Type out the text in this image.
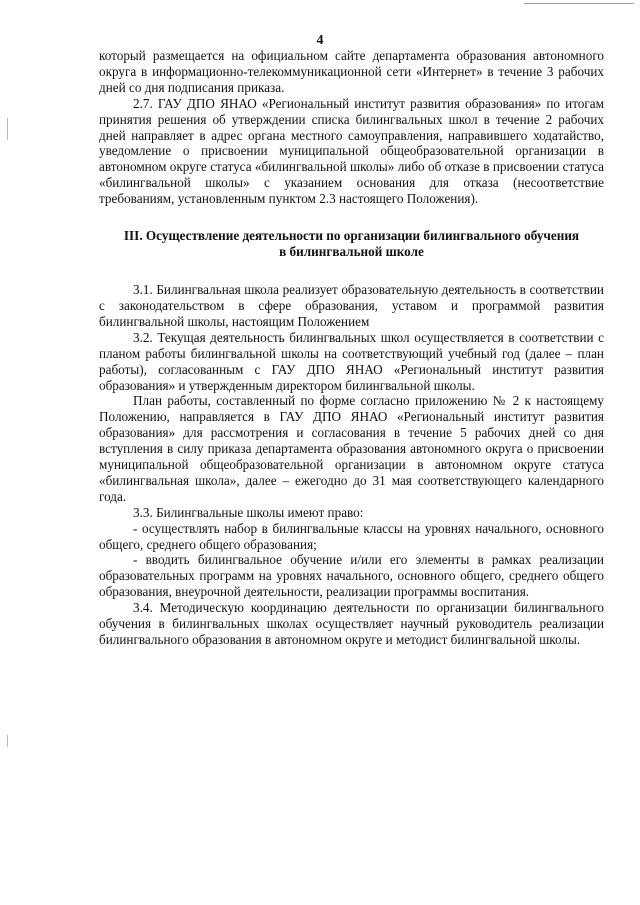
4

который размещается на официальном сайте департамента образования автономного округа в информационно-телекоммуникационной сети «Интернет» в течение 3 рабочих дней со дня подписания приказа.

2.7. ГАУ ДПО ЯНАО «Региональный институт развития образования» по итогам принятия решения об утверждении списка билингвальных школ в течение 2 рабочих дней направляет в адрес органа местного самоуправления, направившего ходатайство, уведомление о присвоении муниципальной общеобразовательной организации в автономном округе статуса «билингвальной школы» либо об отказе в присвоении статуса «билингвальной школы» с указанием основания для отказа (несоответствие требованиям, установленным пунктом 2.3 настоящего Положения).

III. Осуществление деятельности по организации билингвального обучения в билингвальной школе

3.1. Билингвальная школа реализует образовательную деятельность в соответствии с законодательством в сфере образования, уставом и программой развития билингвальной школы, настоящим Положением

3.2. Текущая деятельность билингвальных школ осуществляется в соответствии с планом работы билингвальной школы на соответствующий учебный год (далее – план работы), согласованным с ГАУ ДПО ЯНАО «Региональный институт развития образования» и утвержденным директором билингвальной школы.

План работы, составленный по форме согласно приложению № 2 к настоящему Положению, направляется в ГАУ ДПО ЯНАО «Региональный институт развития образования» для рассмотрения и согласования в течение 5 рабочих дней со дня вступления в силу приказа департамента образования автономного округа о присвоении муниципальной общеобразовательной организации в автономном округе статуса «билингвальная школа», далее – ежегодно до 31 мая соответствующего календарного года.

3.3. Билингвальные школы имеют право:

- осуществлять набор в билингвальные классы на уровнях начального, основного общего, среднего общего образования;

- вводить билингвальное обучение и/или его элементы в рамках реализации образовательных программ на уровнях начального, основного общего, среднего общего образования, внеурочной деятельности, реализации программы воспитания.

3.4. Методическую координацию деятельности по организации билингвального обучения в билингвальных школах осуществляет научный руководитель реализации билингвального образования в автономном округе и методист билингвальной школы.
